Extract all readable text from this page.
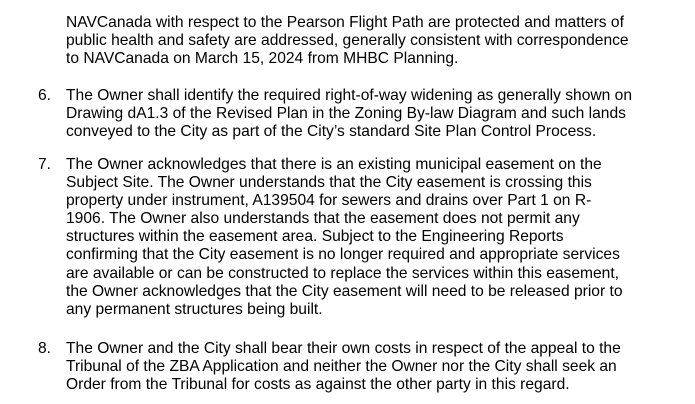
NAVCanada with respect to the Pearson Flight Path are protected and matters of
public health and safety are addressed, generally consistent with correspondence
to NAVCanada on March 15, 2024 from MHBC Planning.
6. The Owner shall identify the required right-of-way widening as generally shown on
Drawing dA1.3 of the Revised Plan in the Zoning By-law Diagram and such lands
conveyed to the City as part of the City’s standard Site Plan Control Process.
7. The Owner acknowledges that there is an existing municipal easement on the
Subject Site. The Owner understands that the City easement is crossing this
property under instrument, A139504 for sewers and drains over Part 1 on R-
1906. The Owner also understands that the easement does not permit any
structures within the easement area. Subject to the Engineering Reports
confirming that the City easement is no longer required and appropriate services
are available or can be constructed to replace the services within this easement,
the Owner acknowledges that the City easement will need to be released prior to
any permanent structures being built.
8. The Owner and the City shall bear their own costs in respect of the appeal to the
Tribunal of the ZBA Application and neither the Owner nor the City shall seek an
Order from the Tribunal for costs as against the other party in this regard.
